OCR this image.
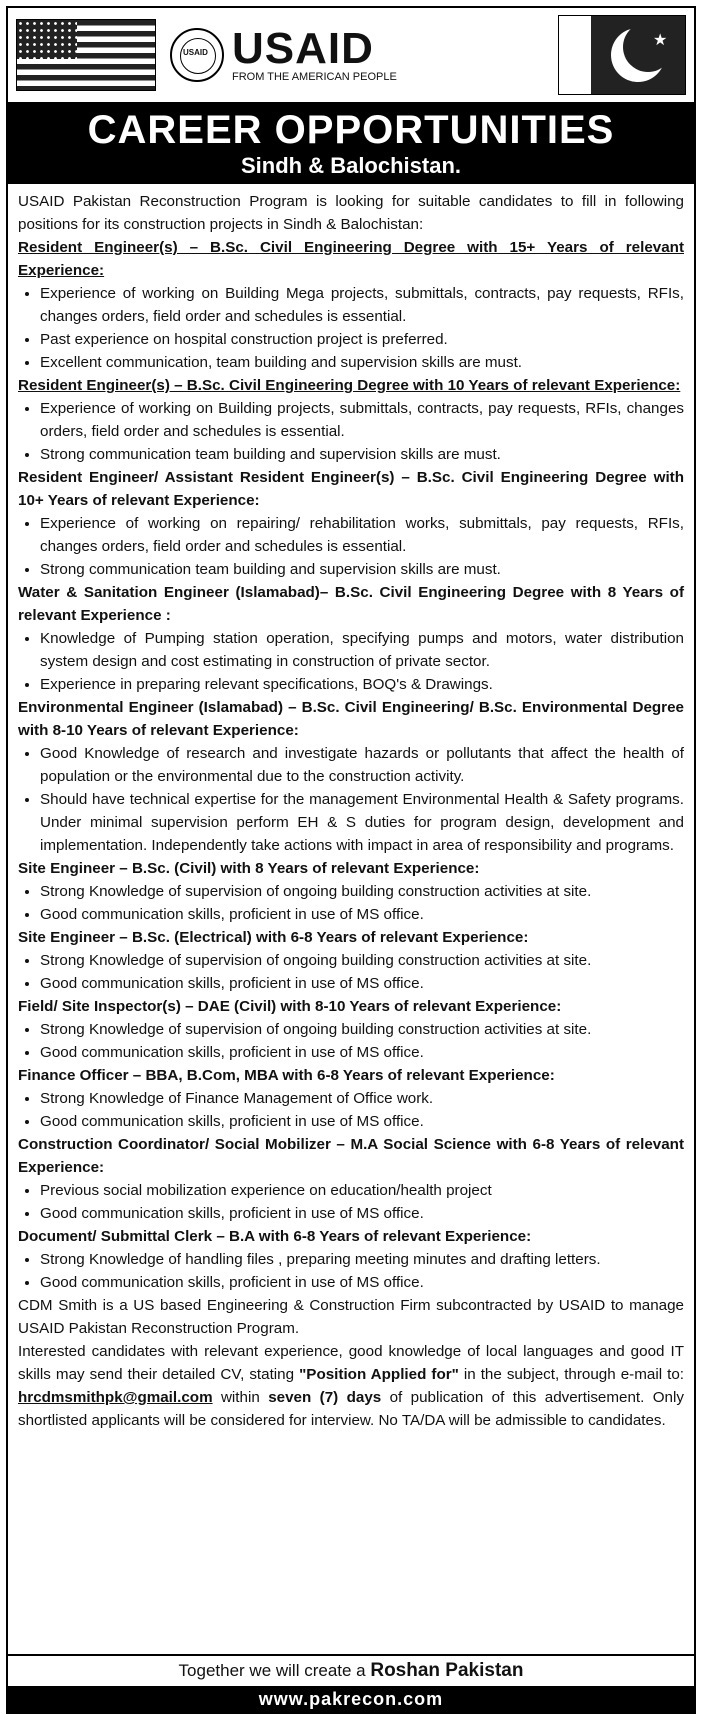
USAID USAID
FROM THE AMERICAN PEOPLE
★
CAREER OPPORTUNITIES
Sindh & Balochistan.

USAID Pakistan Reconstruction Program is looking for suitable candidates to fill in following positions for its construction projects in Sindh & Balochistan:

Resident Engineer(s) – B.Sc. Civil Engineering Degree with 15+ Years of relevant Experience:

• Experience of working on Building Mega projects, submittals, contracts, pay requests, RFIs, changes orders, field order and schedules is essential.
• Past experience on hospital construction project is preferred.
• Excellent communication, team building and supervision skills are must.

Resident Engineer(s) – B.Sc. Civil Engineering Degree with 10 Years of relevant Experience:

• Experience of working on Building projects, submittals, contracts, pay requests, RFIs, changes orders, field order and schedules is essential.
• Strong communication team building and supervision skills are must.

Resident Engineer/ Assistant Resident Engineer(s) – B.Sc. Civil Engineering Degree with 10+ Years of relevant Experience:

• Experience of working on repairing/ rehabilitation works, submittals, pay requests, RFIs, changes orders, field order and schedules is essential.
• Strong communication team building and supervision skills are must.

Water & Sanitation Engineer (Islamabad)– B.Sc. Civil Engineering Degree with 8 Years of relevant Experience :

• Knowledge of Pumping station operation, specifying pumps and motors, water distribution system design and cost estimating in construction of private sector.
• Experience in preparing relevant specifications, BOQ's & Drawings.

Environmental Engineer (Islamabad) – B.Sc. Civil Engineering/ B.Sc. Environmental Degree with 8-10 Years of relevant Experience:

• Good Knowledge of research and investigate hazards or pollutants that affect the health of population or the environmental due to the construction activity.
• Should have technical expertise for the management Environmental Health & Safety programs. Under minimal supervision perform EH & S duties for program design, development and implementation. Independently take actions with impact in area of responsibility and programs.

Site Engineer – B.Sc. (Civil) with 8 Years of relevant Experience:

• Strong Knowledge of supervision of ongoing building construction activities at site.
• Good communication skills, proficient in use of MS office.

Site Engineer – B.Sc. (Electrical) with 6-8 Years of relevant Experience:

• Strong Knowledge of supervision of ongoing building construction activities at site.
• Good communication skills, proficient in use of MS office.

Field/ Site Inspector(s) – DAE (Civil) with 8-10 Years of relevant Experience:

• Strong Knowledge of supervision of ongoing building construction activities at site.
• Good communication skills, proficient in use of MS office.

Finance Officer – BBA, B.Com, MBA with 6-8 Years of relevant Experience:

• Strong Knowledge of Finance Management of Office work.
• Good communication skills, proficient in use of MS office.

Construction Coordinator/ Social Mobilizer – M.A Social Science with 6-8 Years of relevant Experience:

• Previous social mobilization experience on education/health project
• Good communication skills, proficient in use of MS office.

Document/ Submittal Clerk – B.A with 6-8 Years of relevant Experience:

• Strong Knowledge of handling files , preparing meeting minutes and drafting letters.
• Good communication skills, proficient in use of MS office.

CDM Smith is a US based Engineering & Construction Firm subcontracted by USAID to manage USAID Pakistan Reconstruction Program.

Interested candidates with relevant experience, good knowledge of local languages and good IT skills may send their detailed CV, stating "Position Applied for" in the subject, through e-mail to: hrcdmsmithpk@gmail.com within seven (7) days of publication of this advertisement. Only shortlisted applicants will be considered for interview. No TA/DA will be admissible to candidates.

Together we will create a Roshan Pakistan
www.pakrecon.com
